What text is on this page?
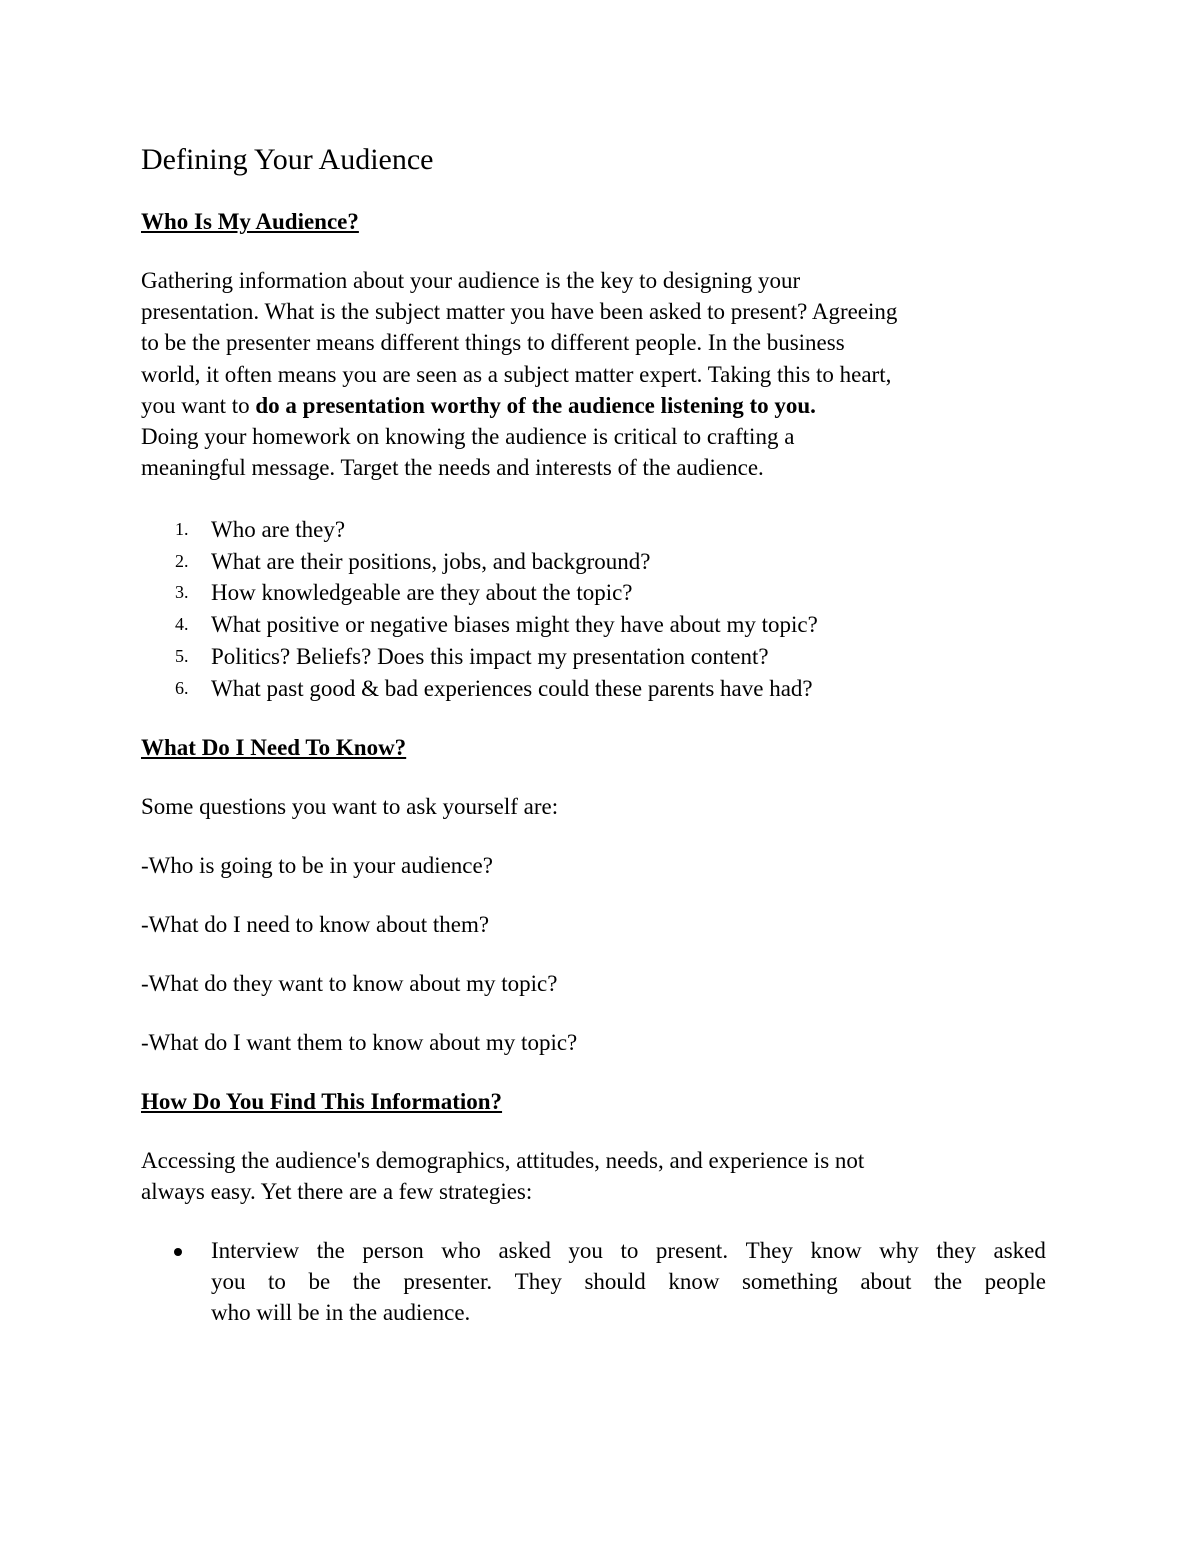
Defining Your Audience
Who Is My Audience?

Gathering information about your audience is the key to designing your
presentation. What is the subject matter you have been asked to present? Agreeing
to be the presenter means different things to different people. In the business
world, it often means you are seen as a subject matter expert. Taking this to heart,
you want to do a presentation worthy of the audience listening to you.
Doing your homework on knowing the audience is critical to crafting a
meaningful message. Target the needs and interests of the audience.

1. Who are they?
2. What are their positions, jobs, and background?
3. How knowledgeable are they about the topic?
4. What positive or negative biases might they have about my topic?
5. Politics? Beliefs? Does this impact my presentation content?
6. What past good & bad experiences could these parents have had?
What Do I Need To Know?

Some questions you want to ask yourself are:

-Who is going to be in your audience?

-What do I need to know about them?

-What do they want to know about my topic?

-What do I want them to know about my topic?

How Do You Find This Information?

Accessing the audience's demographics, attitudes, needs, and experience is not
always easy. Yet there are a few strategies:

Interview the person who asked you to present. They know why they asked
you to be the presenter. They should know something about the people
who will be in the audience.
